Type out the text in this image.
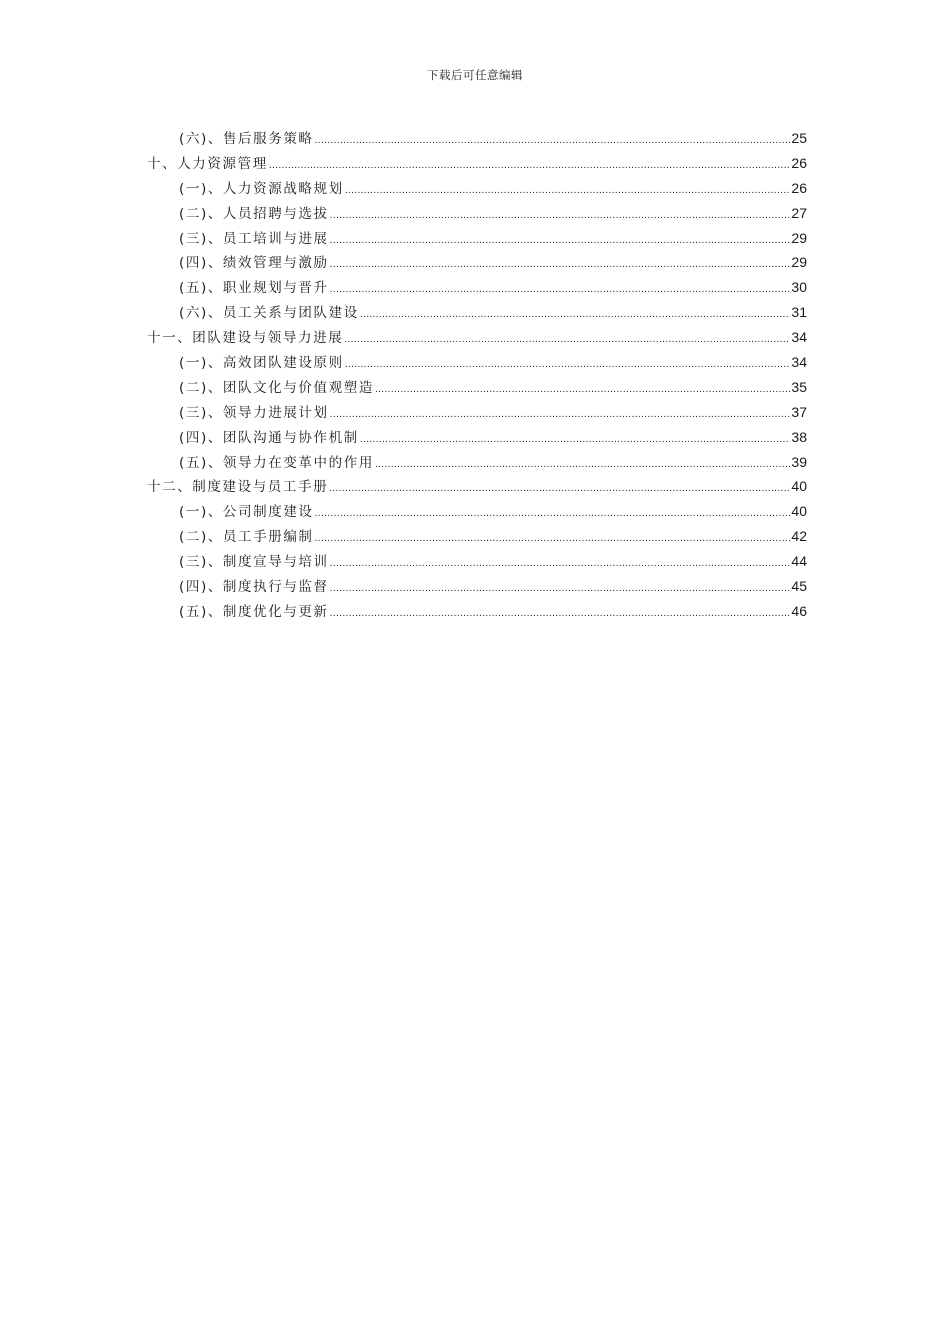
下载后可任意编辑
(六)、售后服务策略 .....	25
十、人力资源管理 .....	26
(一)、人力资源战略规划 .....	26
(二)、人员招聘与选拔 .....	27
(三)、员工培训与进展 .....	29
(四)、绩效管理与激励 .....	29
(五)、职业规划与晋升 .....	30
(六)、员工关系与团队建设 .....	31
十一、团队建设与领导力进展 .....	34
(一)、高效团队建设原则 .....	34
(二)、团队文化与价值观塑造 .....	35
(三)、领导力进展计划 .....	37
(四)、团队沟通与协作机制 .....	38
(五)、领导力在变革中的作用 .....	39
十二、制度建设与员工手册 .....	40
(一)、公司制度建设 .....	40
(二)、员工手册编制 .....	42
(三)、制度宣导与培训 .....	44
(四)、制度执行与监督 .....	45
(五)、制度优化与更新 .....	46
